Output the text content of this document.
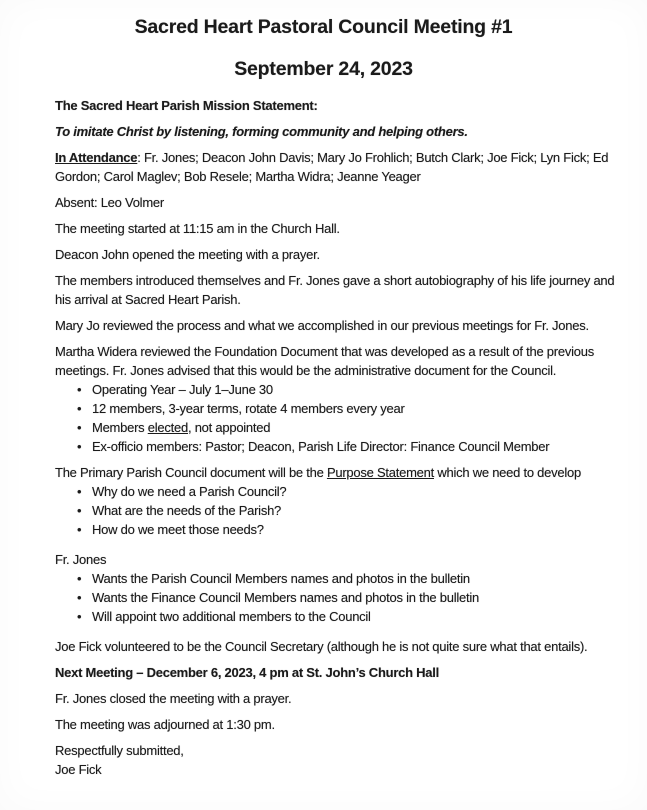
Sacred Heart Pastoral Council Meeting #1
September 24, 2023

The Sacred Heart Parish Mission Statement:

To imitate Christ by listening, forming community and helping others.

In Attendance: Fr. Jones; Deacon John Davis; Mary Jo Frohlich; Butch Clark; Joe Fick; Lyn Fick; Ed Gordon; Carol Maglev; Bob Resele; Martha Widra; Jeanne Yeager

Absent: Leo Volmer

The meeting started at 11:15 am in the Church Hall.

Deacon John opened the meeting with a prayer.

The members introduced themselves and Fr. Jones gave a short autobiography of his life journey and his arrival at Sacred Heart Parish.

Mary Jo reviewed the process and what we accomplished in our previous meetings for Fr. Jones.

Martha Widera reviewed the Foundation Document that was developed as a result of the previous meetings. Fr. Jones advised that this would be the administrative document for the Council.

• Operating Year – July 1–June 30
• 12 members, 3-year terms, rotate 4 members every year
• Members elected, not appointed
• Ex-officio members: Pastor; Deacon, Parish Life Director: Finance Council Member

The Primary Parish Council document will be the Purpose Statement which we need to develop

• Why do we need a Parish Council?
• What are the needs of the Parish?
• How do we meet those needs?

Fr. Jones

• Wants the Parish Council Members names and photos in the bulletin
• Wants the Finance Council Members names and photos in the bulletin
• Will appoint two additional members to the Council

Joe Fick volunteered to be the Council Secretary (although he is not quite sure what that entails).

Next Meeting – December 6, 2023, 4 pm at St. John’s Church Hall

Fr. Jones closed the meeting with a prayer.

The meeting was adjourned at 1:30 pm.

Respectfully submitted,

Joe Fick
